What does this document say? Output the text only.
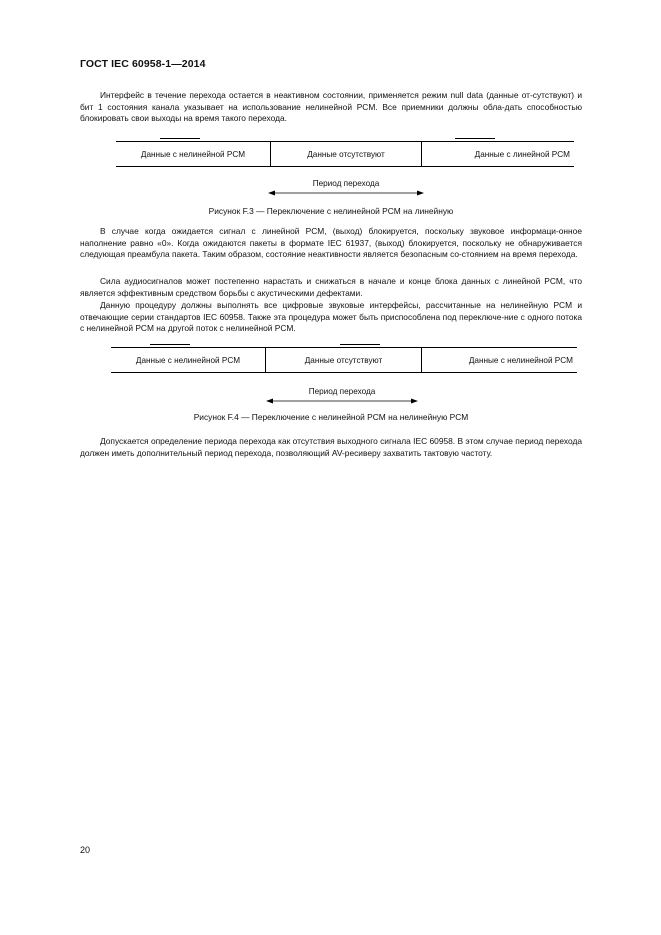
ГОСТ IEC 60958-1—2014

Интерфейс в течение перехода остается в неактивном состоянии, применяется режим null data (данные от-сутствуют) и бит 1 состояния канала указывает на использование нелинейной PCM. Все приемники должны обла-дать способностью блокировать свои выходы на время такого перехода.

Данные с нелинейной PCM	Данные отсутствуют	Данные с линейной PCM
Период перехода
Рисунок F.3 — Переключение с нелинейной PCM на линейную

В случае когда ожидается сигнал с линейной PCM, (выход) блокируется, поскольку звуковое информаци-онное наполнение равно «0». Когда ожидаются пакеты в формате IEC 61937, (выход) блокируется, поскольку не обнаруживается следующая преамбула пакета. Таким образом, состояние неактивности является безопасным со-стоянием на время перехода.

Сила аудиосигналов может постепенно нарастать и снижаться в начале и конце блока данных с линейной PCM, что является эффективным средством борьбы с акустическими дефектами.

Данную процедуру должны выполнять все цифровые звуковые интерфейсы, рассчитанные на нелинейную PCM и отвечающие серии стандартов IEC 60958. Также эта процедура может быть приспособлена под переключе-ние с одного потока с нелинейной PCM на другой поток с нелинейной PCM.

Данные с нелинейной PCM	Данные отсутствуют	Данные с нелинейной PCM
Период перехода
Рисунок F.4 — Переключение с нелинейной PCM на нелинейную PCM

Допускается определение периода перехода как отсутствия выходного сигнала IEC 60958. В этом случае период перехода должен иметь дополнительный период перехода, позволяющий AV-ресиверу захватить тактовую частоту.

20
